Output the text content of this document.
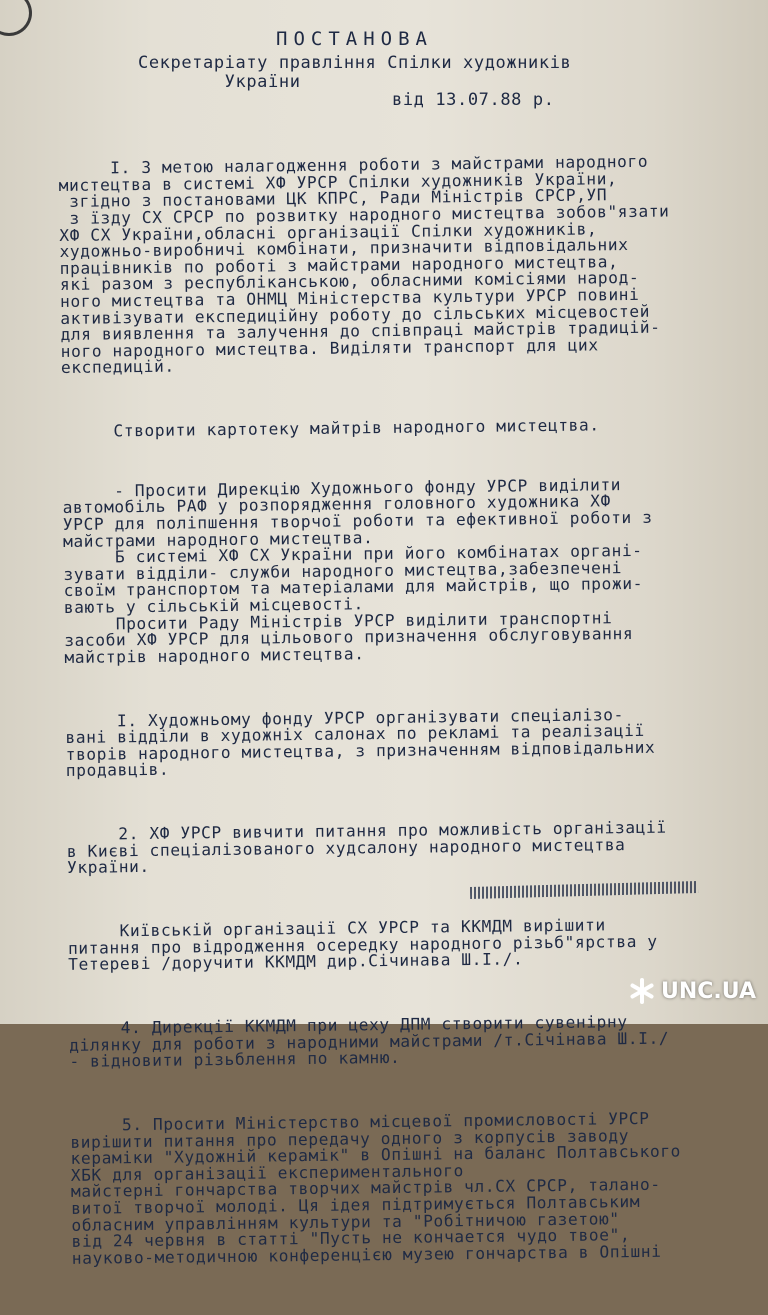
ПОСТАНОВА
Секретаріату правління Спілки художників
України
від 13.07.88 р.

I. З метою налагодження роботи з майстрами народного
мистецтва в системі ХФ УРСР Спілки художників України,
згідно з постановами ЦК КПРС, Ради Міністрів СРСР,УП
з їзду СХ СРСР по розвитку народного мистецтва зобов"язати
ХФ СХ України,обласні організації Спілки художників,
художньо-виробничі комбінати, призначити відповідальних
працівників по роботі з майстрами народного мистецтва,
які разом з республіканською, обласними комісіями народ-
ного мистецтва та ОНМЦ Міністерства культури УРСР повині
активізувати експедиційну роботу до сільських місцевостей
для виявлення та залучення до співпраці майстрів традицій-
ного народного мистецтва. Виділяти транспорт для цих
експедицій.

Створити картотеку майтрів народного мистецтва.

- Просити Дирекцію Художнього фонду УРСР виділити
автомобіль РАФ у розпорядження головного художника ХФ
УРСР для поліпшення творчої роботи та ефективної роботи з
майстрами народного мистецтва.
Б системі ХФ СХ України при його комбінатах органі-
зувати відділи- служби народного мистецтва,забезпечені
своїм транспортом та матеріалами для майстрів, що прожи-
вають у сільській місцевості.
Просити Раду Міністрів УРСР виділити транспортні
засоби ХФ УРСР для цільового призначення обслуговування
майстрів народного мистецтва.

I. Художньому фонду УРСР організувати спеціалізо-
вані відділи в художніх салонах по рекламі та реалізації
творів народного мистецтва, з призначенням відповідальних
продавців.

2. ХФ УРСР вивчити питання про можливість організації
в Києві спеціалізованого худсалону народного мистецтва
України.

Київській організації СХ УРСР та ККМДМ вирішити
питання про відродження осередку народного різьб"ярства у
Тетереві /доручити ККМДМ дир.Січинава Ш.І./.

4. Дирекції ККМДМ при цеху ДПМ створити сувенірну
ділянку для роботи з народними майстрами /т.Січінава Ш.І./
- відновити різьблення по камню.

5. Просити Міністерство місцевої промисловості УРСР
вирішити питання про передачу одного з корпусів заводу
кераміки "Художній керамік" в Опішні на баланс Полтавського
ХБК для організації експериментального
майстерні гончарства творчих майстрів чл.СХ СРСР, талано-
витої творчої молоді. Ця ідея підтримується Полтавським
обласним управлінням культури та "Робітничою газетою"
від 24 червня в статті "Пусть не кончается чудо твое",
науково-методичною конференцією музею гончарства в Опішні

UNC.UA
